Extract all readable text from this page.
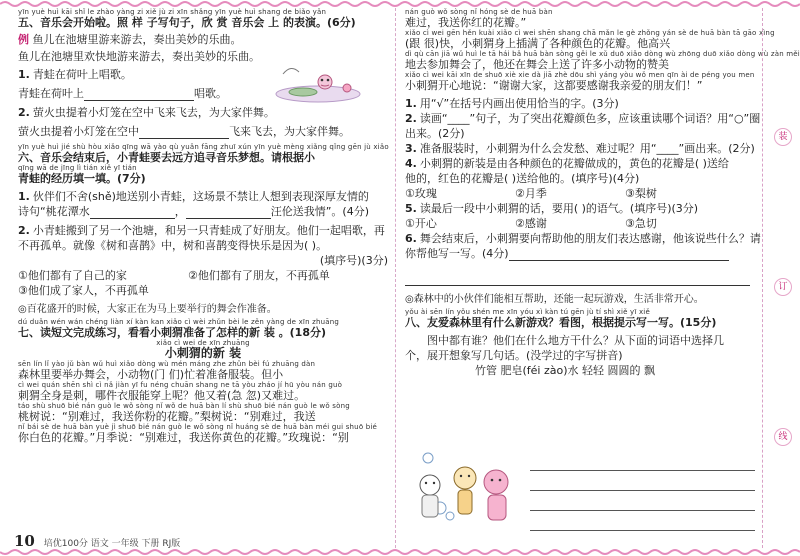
yīn yuè huì kāi shǐ le zhào yàng zi xiě jù zi xīn shǎng yīn yuè huì shang de biǎo yǎn
五、音乐会开始啦。照 样 子写句子，欣 赏 音乐会 上 的表演。(6分)
例 鱼儿在池塘里游来游去，奏出美妙的乐曲。
鱼儿在池塘里欢快地游来游去，奏出美妙的乐曲。
1. 青蛙在荷叶上唱歌。
青蛙在荷叶上	唱歌。
2. 萤火虫提着小灯笼在空中飞来飞去，为大家伴舞。
萤火虫提着小灯笼在空中	飞来飞去，为大家伴舞。
yīn yuè huì jié shù hòu xiǎo qīng wā yào qù yuǎn fāng zhuī xún yīn yuè mèng xiǎng qǐng gēn jù xiǎo
六、音乐会结束后，小青蛙要去远方追寻音乐梦想。请根据小
qīng wā de jīng lì tián xiě yī tián
青蛙的经历填一填。(7分)
1. 伙伴们不舍(shě)地送别小青蛙，这场景不禁让人想到表现深厚友情的
诗句“桃花潭水	，	汪伦送我情”。(4分)
2. 小青蛙搬到了另一个池塘，和另一只青蛙成了好朋友。他们一起唱歌，再
不再孤单。就像《树和喜鹊》中，树和喜鹊变得快乐是因为( )。
(填序号)(3分)
①他们都有了自己的家	②他们都有了朋友，不再孤单
③他们成了家人，不再孤单
◎百花盛开的时候，大家正在为马上要举行的舞会作准备。
dú duǎn wén wán chéng liàn xí kàn kan xiǎo cì wèi zhǔn bèi le zěn yàng de xīn zhuāng
七、读短文完成练习，看看小刺猬准备了怎样的新 装 。(18分)
xiǎo cì wei de xīn zhuāng
小刺猬的新 装
sēn lín lǐ yào jǔ bàn wǔ huì xiǎo dòng wù mén máng zhe zhǔn bèi fú zhuāng dàn
森林里要举办舞会，小动物(门 们)忙着准备服装。但小
cì wei quán shēn shì cì nǎ jiàn yī fu néng chuān shang ne tā yòu zháo jí hū yòu nán guò
刺猬全身是刺，哪件衣服能穿上呢？他又着(急 忽)又难过。
táo shù shuō bié nán guò le wǒ sòng nǐ wǒ de huā bàn lí shù shuō bié nán guò le wǒ sòng
桃树说：“别难过，我送你粉的花瓣。”梨树说：“别难过，我送
nǐ bái sè de huā bàn yuè jì shuō bié nán guò le wǒ sòng nǐ huáng sè de huā bàn méi gui shuō bié
你白色的花瓣。”月季说：“别难过，我送你黄色的花瓣。”玫瑰说：“别
nán guò wǒ sòng nǐ hóng sè de huā bàn
难过，我送你红的花瓣。”
xiǎo cì wei gēn hěn kuài xiǎo cì wei shēn shang chā mǎn le gè zhǒng yán sè de huā bàn tā gāo xìng
(跟 很)快，小刺猬身上插满了各种颜色的花瓣。他高兴
dì qù cān jiā wǔ huì le tā hái bǎ huā bàn sòng gěi le xǔ duō xiǎo dòng wù zhōng duō xiǎo dòng wù zàn měi
地去参加舞会了，他还在舞会上送了许多小动物的赞美
xiǎo cì wei kāi xīn de shuō xiè xie dà jiā zhè dōu shì yáng yòu wǒ men qīn ài de péng you men
小刺猬开心地说：“谢谢大家，这都要感谢我亲爱的朋友们！”
1. 用“√”在括号内画出使用恰当的字。(3分)
2. 读画“____”句子，为了突出花瓣颜色多，应该重读哪个词语？用“○”圈
出来。(2分)
3. 准备服装时，小刺猬为什么会发愁、难过呢？用“____”画出来。(2分)
4. 小刺猬的新装是由各种颜色的花瓣做成的，黄色的花瓣是( )送给
他的，红色的花瓣是( )送给他的。(填序号)(4分)
①玫瑰	②月季	③梨树
5. 读最后一段中小刺猬的话，要用( )的语气。(填序号)(3分)
①开心	②感谢	③急切
6. 舞会结束后，小刺猬要向帮助他的朋友们表达感谢，他该说些什么？请
你帮他写一写。(4分)
◎森林中的小伙伴们能相互帮助，还能一起玩游戏，生活非常开心。
yǒu ài sēn lín yǒu shén me xīn yóu xì kàn tú gēn jù tí shì xiě yī xiě
八、友爱森林里有什么新游戏？看图，根据提示写一写。(15分)
图中都有谁？他们在什么地方干什么？从下面的词语中选择几
个，展开想象写几句话。(没学过的字写拼音)
竹管 肥皂(féi zào)水 轻轻 圆圆的 飘
装
订
线
10 培优100分 语文 一年级 下册 RJ版
